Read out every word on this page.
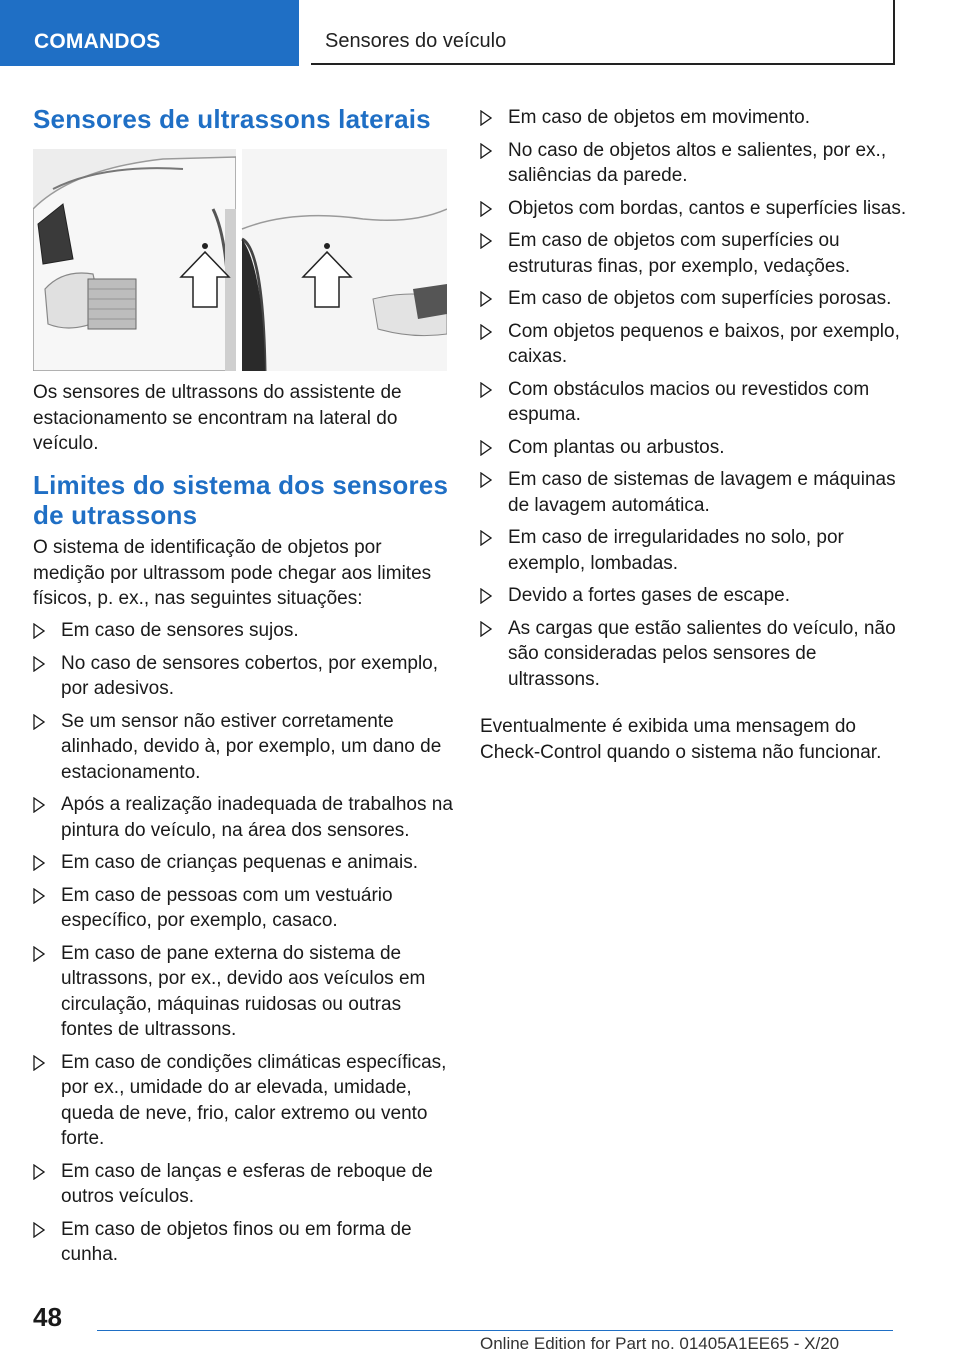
COMANDOS	Sensores do veículo
Sensores de ultrassons laterais

Os sensores de ultrassons do assistente de estacionamento se encontram na lateral do veículo.

Limites do sistema dos sensores de utrassons

O sistema de identificação de objetos por medição por ultrassom pode chegar aos limites físicos, p. ex., nas seguintes situações:

Em caso de sensores sujos.
No caso de sensores cobertos, por exemplo, por adesivos.
Se um sensor não estiver corretamente alinhado, devido à, por exemplo, um dano de estacionamento.
Após a realização inadequada de trabalhos na pintura do veículo, na área dos sensores.
Em caso de crianças pequenas e animais.
Em caso de pessoas com um vestuário específico, por exemplo, casaco.
Em caso de pane externa do sistema de ultrassons, por ex., devido aos veículos em circulação, máquinas ruidosas ou outras fontes de ultrassons.
Em caso de condições climáticas específicas, por ex., umidade do ar elevada, umidade, queda de neve, frio, calor extremo ou vento forte.
Em caso de lanças e esferas de reboque de outros veículos.
Em caso de objetos finos ou em forma de cunha.
Em caso de objetos em movimento.
No caso de objetos altos e salientes, por ex., saliências da parede.
Objetos com bordas, cantos e superfícies lisas.
Em caso de objetos com superfícies ou estruturas finas, por exemplo, vedações.
Em caso de objetos com superfícies porosas.
Com objetos pequenos e baixos, por exemplo, caixas.
Com obstáculos macios ou revestidos com espuma.
Com plantas ou arbustos.
Em caso de sistemas de lavagem e máquinas de lavagem automática.
Em caso de irregularidades no solo, por exemplo, lombadas.
Devido a fortes gases de escape.
As cargas que estão salientes do veículo, não são consideradas pelos sensores de ultrassons.

Eventualmente é exibida uma mensagem do Check-Control quando o sistema não funcionar.

48
Online Edition for Part no. 01405A1EE65 - X/20
